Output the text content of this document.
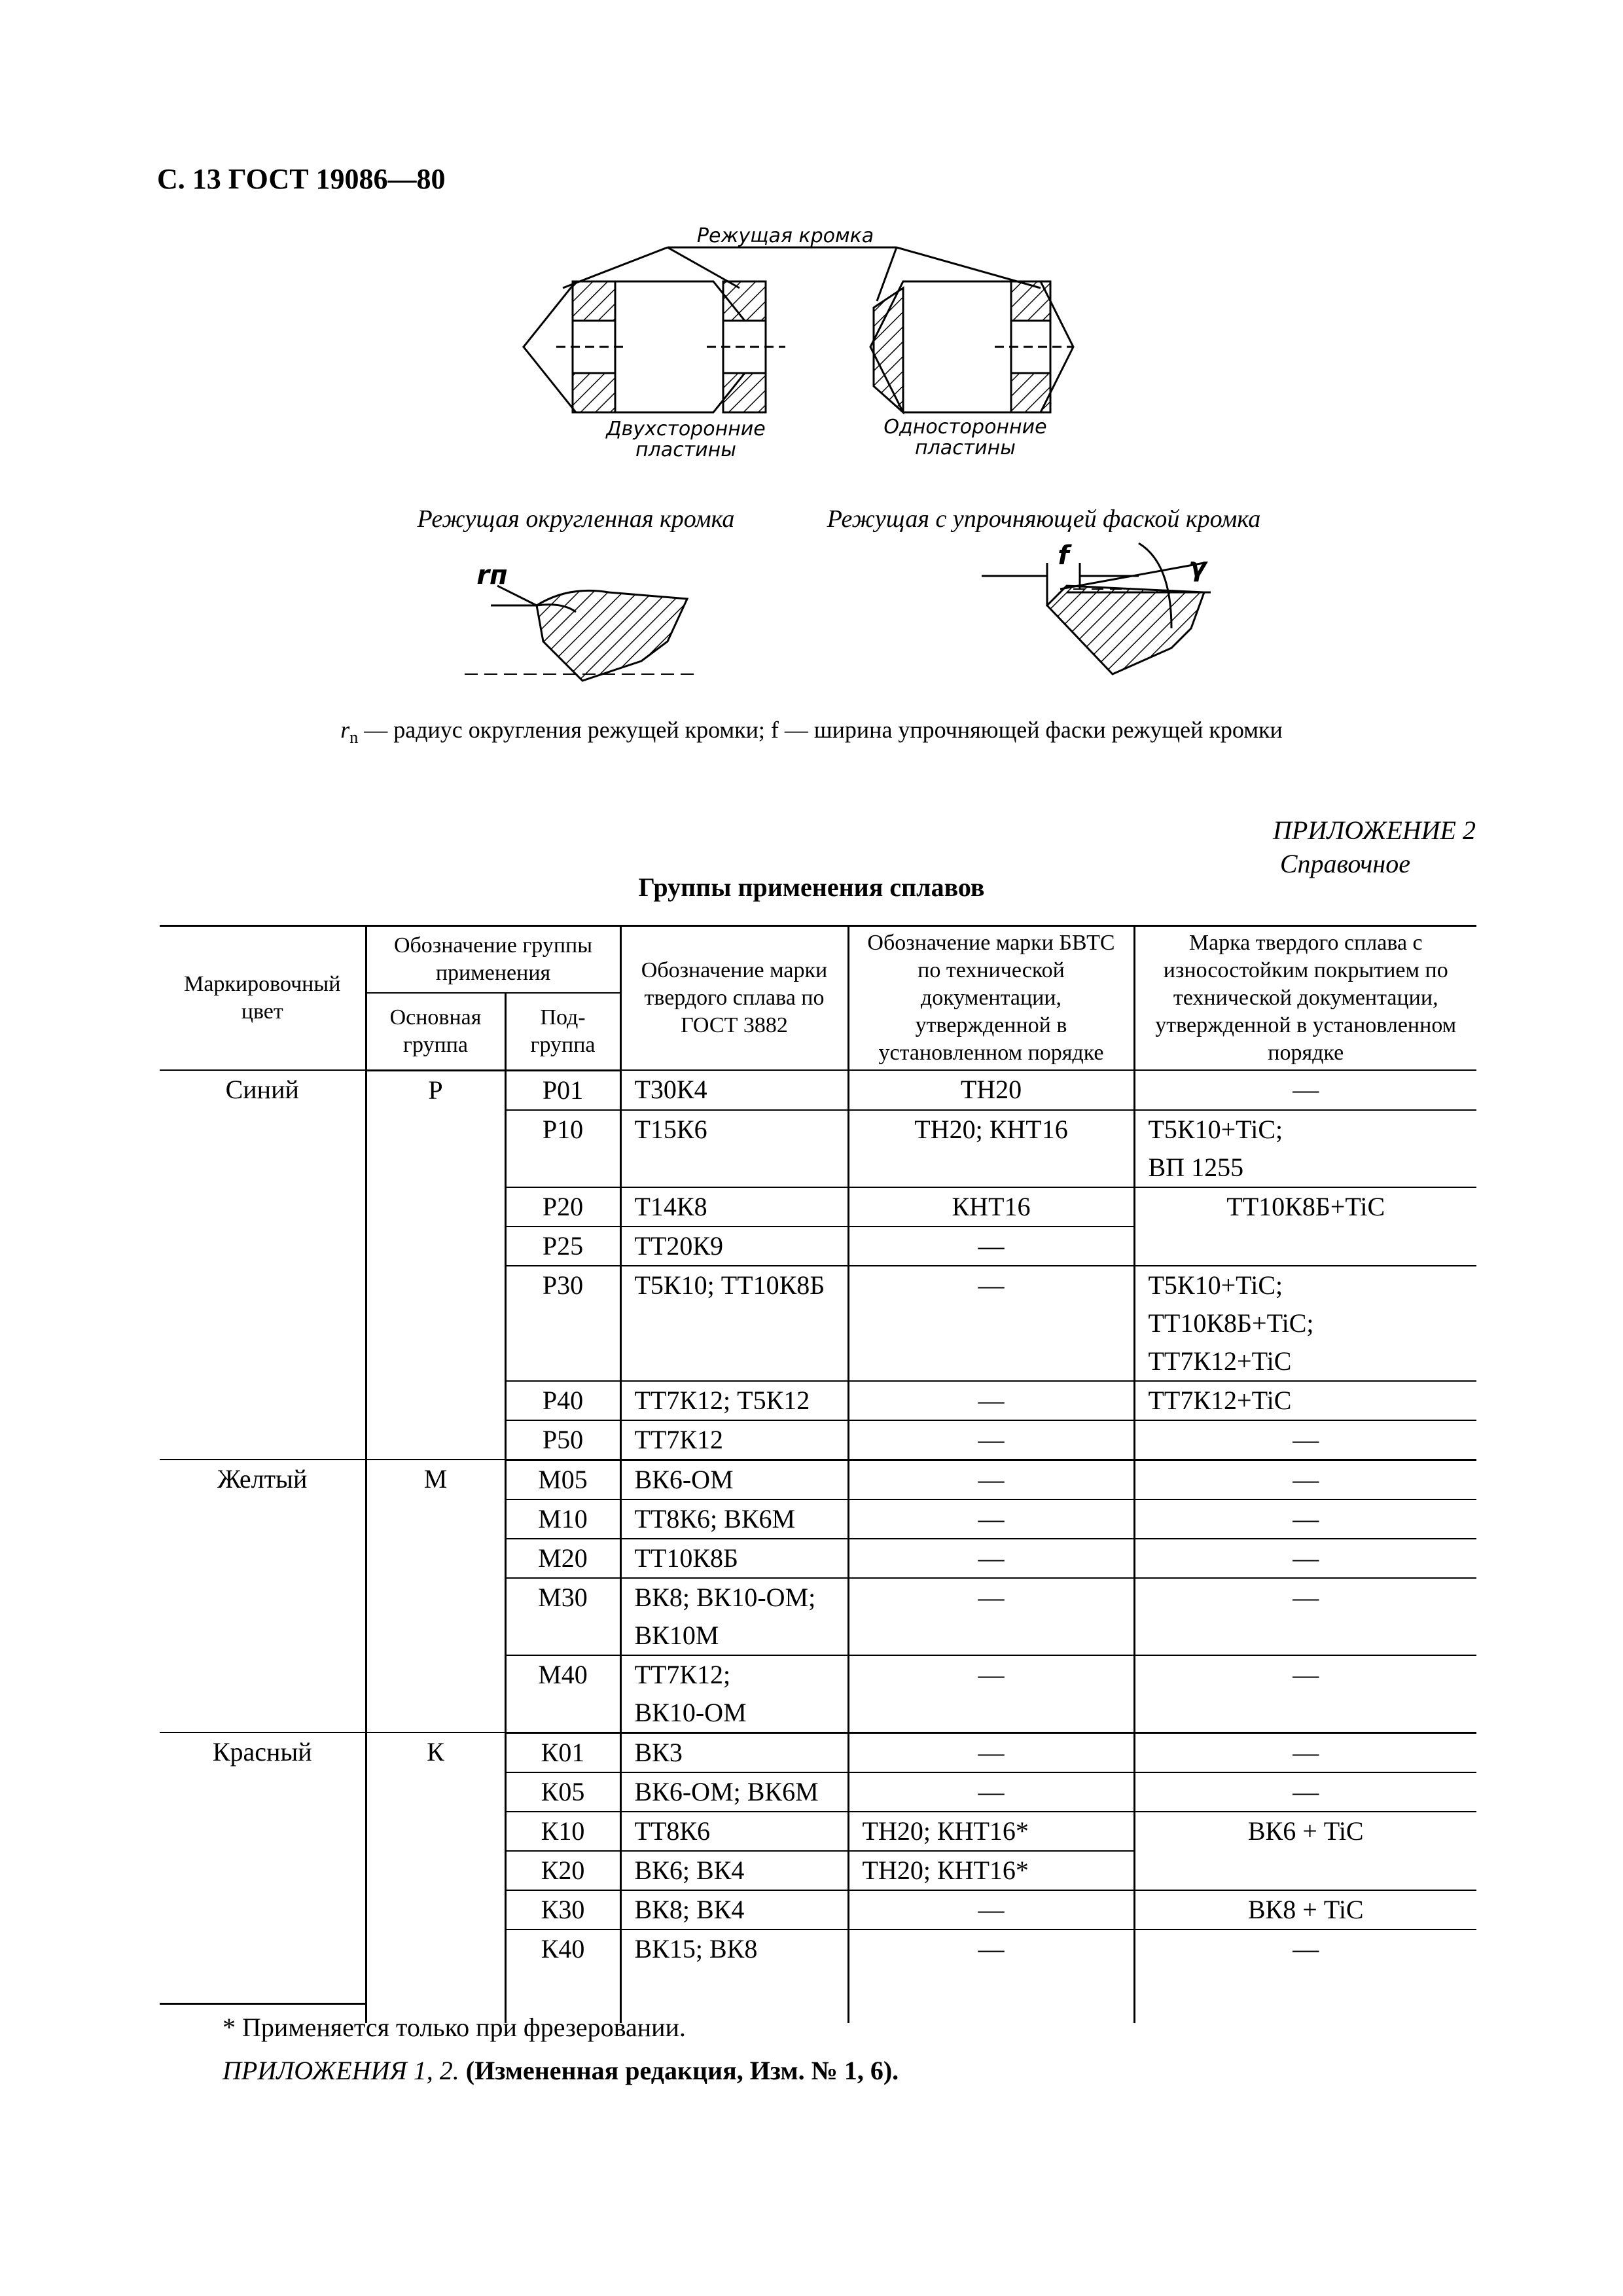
С. 13 ГОСТ 19086—80
Режущая кромка
Двухсторонние
пластины
Односторонние
пластины
Режущая округленная кромка	Режущая с упрочняющей фаской кромка
rп
f	γ
$r_n$ — радиус округления режущей кромки; f — ширина упрочняющей фаски режущей кромки
ПРИЛОЖЕНИЕ 2
Справочное
Группы применения сплавов
Маркировочный цвет	Обозначение группы применения		Обозначение марки твердого сплава по ГОСТ 3882	Обозначение марки БВТС по технической документации, утвержденной в установленном порядке	Марка твердого сплава с износостойким покрытием по технической документации, утвержденной в установленном порядке
	Основная группа	Под-группа			
Синий	P	P01	Т30К4	ТН20	—
		P10	Т15К6	ТН20; КНТ16	Т5К10+TiC;
ВП 1255

		P20	Т14К8	КНТ16	ТТ10К8Б+TiC
		P25	ТТ20К9	—	
		P30	Т5К10; ТТ10К8Б	—	Т5К10+TiC;
ТТ10К8Б+TiC;
ТТ7К12+TiC

		P40	ТТ7К12; Т5К12	—	ТТ7К12+TiC
		P50	ТТ7К12	—	—
Желтый	М	М05	ВК6-ОМ	—	—
		М10	ТТ8К6; ВК6М	—	—
		М20	ТТ10К8Б	—	—
		М30	ВК8; ВК10-ОМ;
ВК10М	—	—
		М40	ТТ7К12;
ВК10-ОМ	—	—
Красный	К	К01	ВК3	—	—
		К05	ВК6-ОМ; ВК6М	—	—
		К10	ТТ8К6	ТН20; КНТ16*	ВК6 + TiC
		К20	ВК6; ВК4	ТН20; КНТ16*	
		К30	ВК8; ВК4	—	ВК8 + TiC
		К40	ВК15; ВК8	—	—

* Применяется только при фрезеровании.
ПРИЛОЖЕНИЯ 1, 2. (Измененная редакция, Изм. № 1, 6).
